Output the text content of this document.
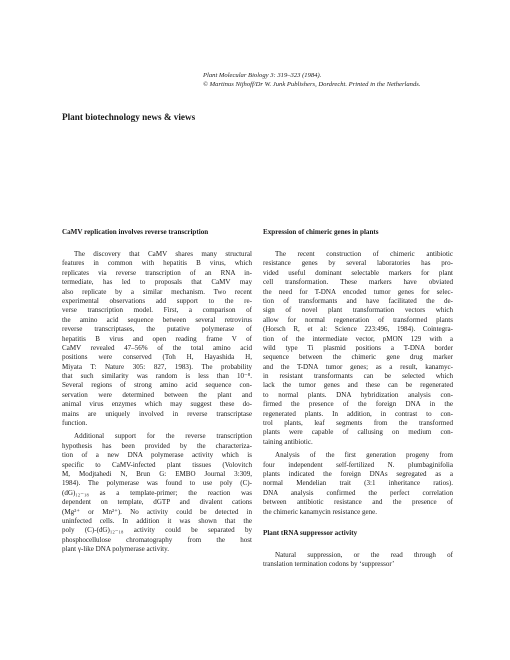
Plant Molecular Biology 3: 319–323 (1984).
© Martinus Nijhoff/Dr W. Junk Publishers, Dordrecht. Printed in the Netherlands.
Plant biotechnology news & views
CaMV replication involves reverse transcription
The discovery that CaMV shares many structural
features in common with hepatitis B virus, which
replicates via reverse transcription of an RNA in-
termediate, has led to proposals that CaMV may
also replicate by a similar mechanism. Two recent
experimental observations add support to the re-
verse transcription model. First, a comparison of
the amino acid sequence between several retrovirus
reverse transcriptases, the putative polymerase of
hepatitis B virus and open reading frame V of
CaMV revealed 47–56% of the total amino acid
positions were conserved (Toh H, Hayashida H,
Miyata T: Nature 305: 827, 1983). The probability
that such similarity was random is less than 10⁻⁸.
Several regions of strong amino acid sequence con-
servation were determined between the plant and
animal virus enzymes which may suggest these do-
mains are uniquely involved in reverse transcriptase
function.
Additional support for the reverse transcription
hypothesis has been provided by the characteriza-
tion of a new DNA polymerase activity which is
specific to CaMV-infected plant tissues (Volovitch
M, Modjtahedi N, Brun G: EMBO Journal 3:309,
1984). The polymerase was found to use poly (C)-
(dG)₁₂₋₁₈ as a template-primer; the reaction was
dependent on template, dGTP and divalent cations
(Mg²⁺ or Mn²⁺). No activity could be detected in
uninfected cells. In addition it was shown that the
poly (C)-(dG)₁₂₋₁₈ activity could be separated by
phosphocellulose chromatography from the host
plant γ-like DNA polymerase activity.
Expression of chimeric genes in plants
The recent construction of chimeric antibiotic
resistance genes by several laboratories has pro-
vided useful dominant selectable markers for plant
cell transformation. These markers have obviated
the need for T-DNA encoded tumor genes for selec-
tion of transformants and have facilitated the de-
sign of novel plant transformation vectors which
allow for normal regeneration of transformed plants
(Horsch R, et al: Science 223:496, 1984). Cointegra-
tion of the intermediate vector, pMON 129 with a
wild type Ti plasmid positions a T-DNA border
sequence between the chimeric gene drug marker
and the T-DNA tumor genes; as a result, kanamyc-
in resistant transformants can be selected which
lack the tumor genes and these can be regenerated
to normal plants. DNA hybridization analysis con-
firmed the presence of the foreign DNA in the
regenerated plants. In addition, in contrast to con-
trol plants, leaf segments from the transformed
plants were capable of callusing on medium con-
taining antibiotic.
Analysis of the first generation progeny from
four independent self-fertilized N. plumbaginifolia
plants indicated the foreign DNAs segregated as a
normal Mendelian trait (3:1 inheritance ratios).
DNA analysis confirmed the perfect correlation
between antibiotic resistance and the presence of
the chimeric kanamycin resistance gene.
Plant tRNA suppressor activity
Natural suppression, or the read through of
translation termination codons by ‘suppressor’
